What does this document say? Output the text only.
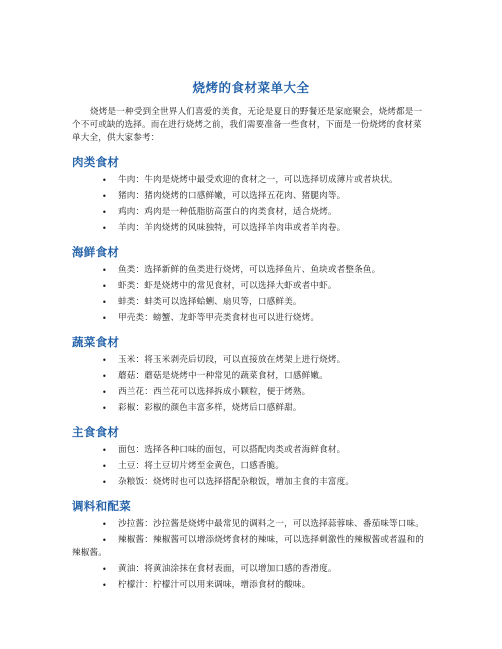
烧烤的食材菜单大全

烧烤是一种受到全世界人们喜爱的美食，无论是夏日的野餐还是家庭聚会，烧烤都是一个不可或缺的选择。而在进行烧烤之前，我们需要准备一些食材，下面是一份烧烤的食材菜单大全，供大家参考：

肉类食材

• 牛肉：牛肉是烧烤中最受欢迎的食材之一，可以选择切成薄片或者块状。

• 猪肉：猪肉烧烤的口感鲜嫩，可以选择五花肉、猪腿肉等。

• 鸡肉：鸡肉是一种低脂肪高蛋白的肉类食材，适合烧烤。

• 羊肉：羊肉烧烤的风味独特，可以选择羊肉串或者羊肉卷。

海鲜食材

• 鱼类：选择新鲜的鱼类进行烧烤，可以选择鱼片、鱼块或者整条鱼。

• 虾类：虾是烧烤中的常见食材，可以选择大虾或者中虾。

• 蚌类：蚌类可以选择蛤蜊、扇贝等，口感鲜美。

• 甲壳类：螃蟹、龙虾等甲壳类食材也可以进行烧烤。

蔬菜食材

• 玉米：将玉米剥壳后切段，可以直接放在烤架上进行烧烤。

• 蘑菇：蘑菇是烧烤中一种常见的蔬菜食材，口感鲜嫩。

• 西兰花：西兰花可以选择拆成小颗粒，便于烤熟。

• 彩椒：彩椒的颜色丰富多样，烧烤后口感鲜甜。

主食食材

• 面包：选择各种口味的面包，可以搭配肉类或者海鲜食材。

• 土豆：将土豆切片烤至金黄色，口感香脆。

• 杂粮饭：烧烤时也可以选择搭配杂粮饭，增加主食的丰富度。

调料和配菜

• 沙拉酱：沙拉酱是烧烤中最常见的调料之一，可以选择蒜蓉味、番茄味等口味。

• 辣椒酱：辣椒酱可以增添烧烤食材的辣味，可以选择刺激性的辣椒酱或者温和的辣椒酱。

• 黄油：将黄油涂抹在食材表面，可以增加口感的香滑度。

• 柠檬汁：柠檬汁可以用来调味，增添食材的酸味。
